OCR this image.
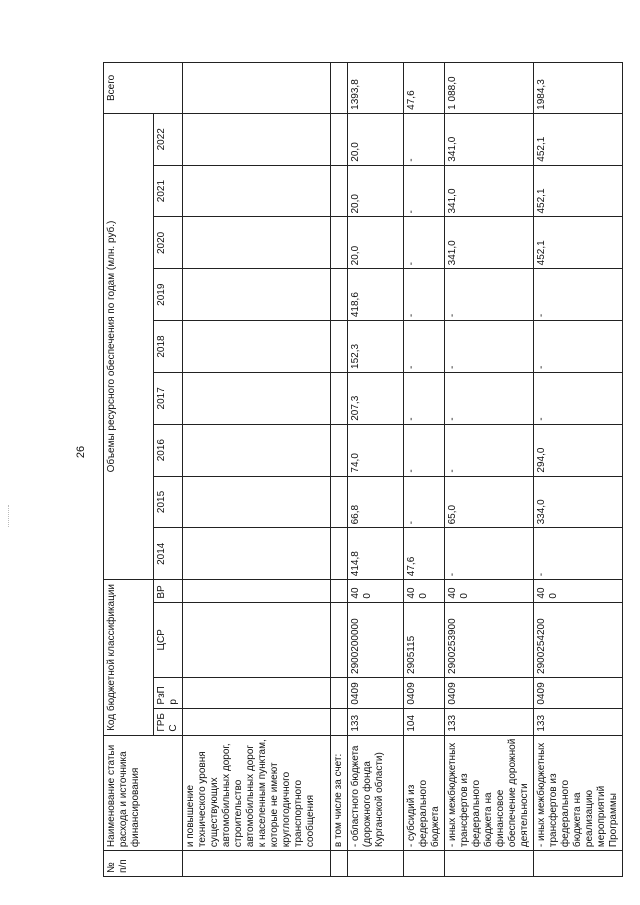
26
№ п/п	Наименование статьи расхода и источника финансирования	Код бюджетной классификации				Объемы ресурсного обеспечения по годам (млн. руб.)									Всего
		ГРБС	РзПр	ЦСР	ВР	2014	2015	2016	2017	2018	2019	2020	2021	2022	
	и повышение технического уровня существующих автомобильных дорог, строительство автомобильных дорог к населенным пунктам, которые не имеют круглогодичного транспортного сообщения														
	в том числе за счет:														
	- областного бюджета (дорожного фонда Курганской области)	133	0409	2900200000	400	414,8	66,8	74,0	207,3	152,3	418,6	20,0	20,0	20,0	1393,8
	- субсидий из федерального бюджета	104	0409	2905115	400	47,6	-	-	-	-	-	-	-	-	47,6
	- иных межбюджетных трансфертов из федерального бюджета на финансовое обеспечение дорожной деятельности	133	0409	2900253900	400	-	65,0	-	-	-	-	341,0	341,0	341,0	1 088,0
	- иных межбюджетных трансфертов из федерального бюджета на реализацию мероприятий Программы	133	0409	2900254200	400	-	334,0	294,0	-	-	-	452,1	452,1	452,1	1984,3
